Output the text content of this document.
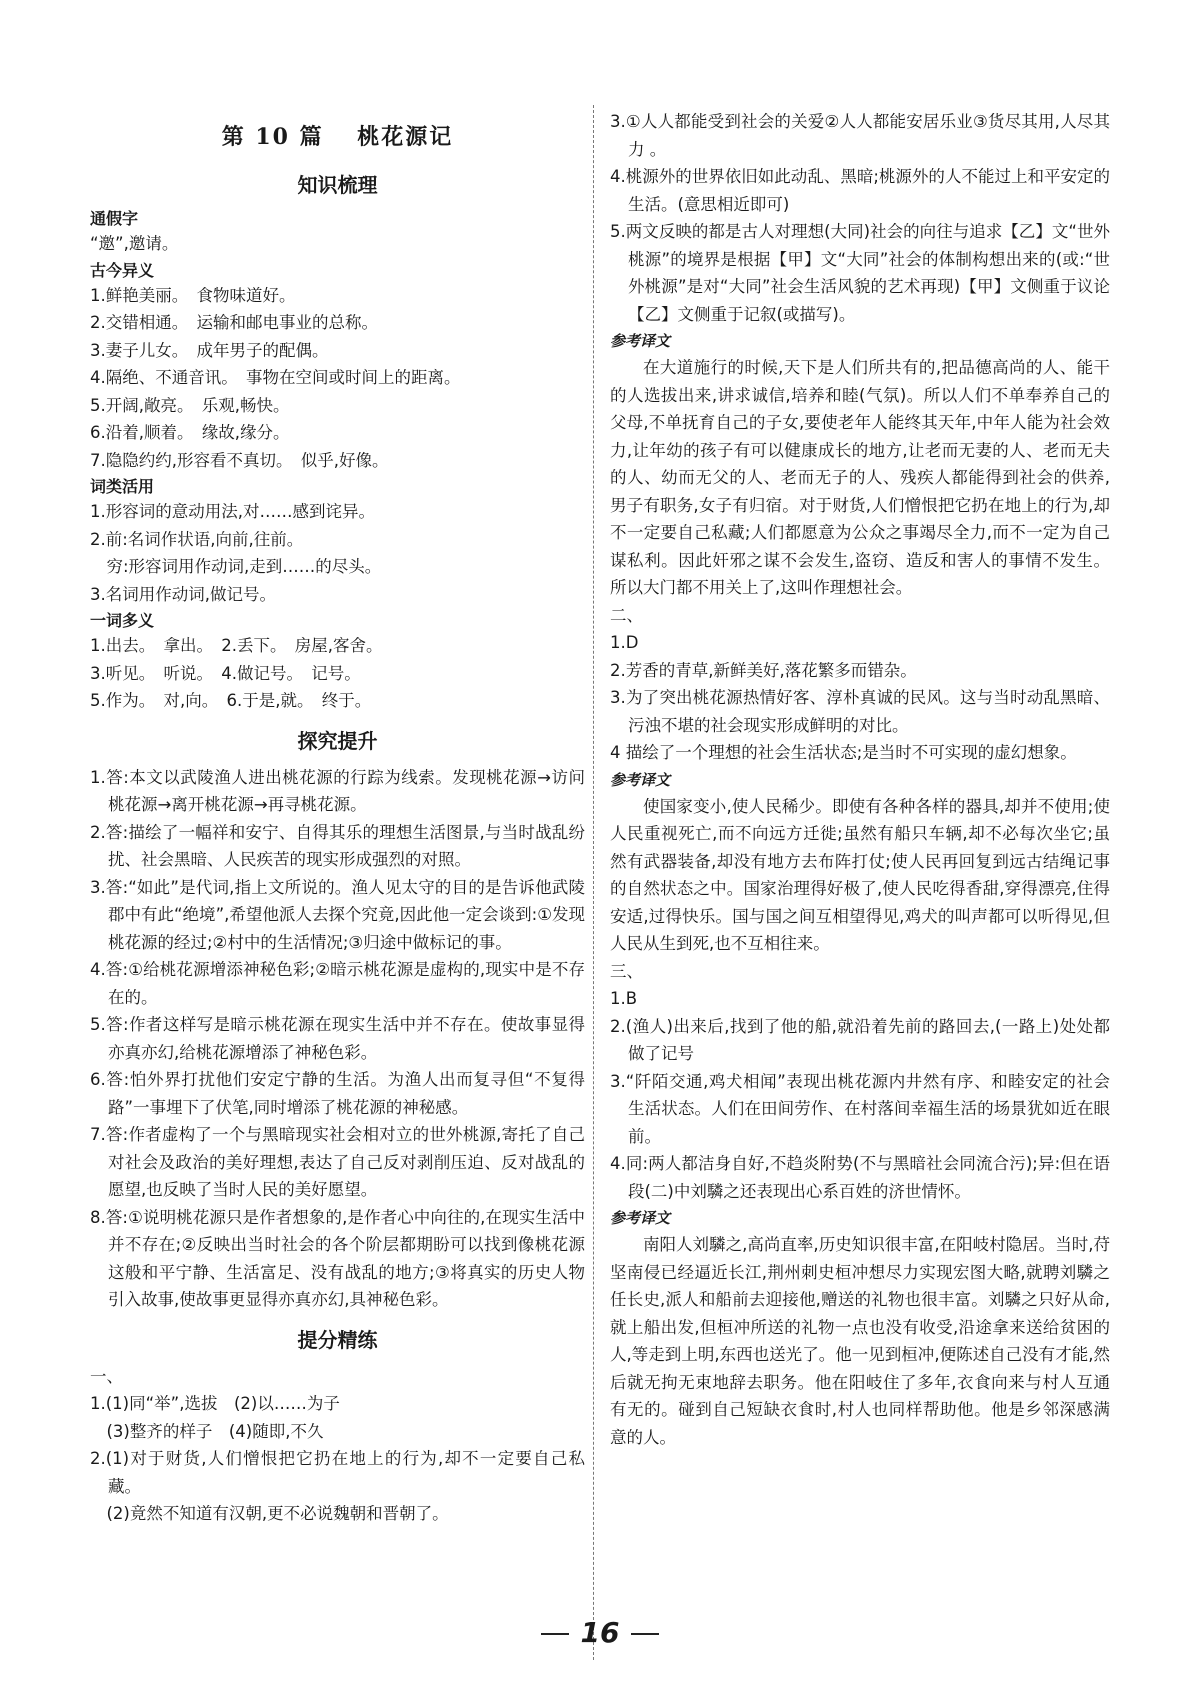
第 10 篇　 桃花源记
知识梳理
通假字
“邀”,邀请。
古今异义
1.鲜艳美丽。　食物味道好。
2.交错相通。　运输和邮电事业的总称。
3.妻子儿女。　成年男子的配偶。
4.隔绝、不通音讯。　事物在空间或时间上的距离。
5.开阔,敞亮。　乐观,畅快。
6.沿着,顺着。　缘故,缘分。
7.隐隐约约,形容看不真切。　似乎,好像。
词类活用
1.形容词的意动用法,对……感到诧异。
2.前:名词作状语,向前,往前。
　穷:形容词用作动词,走到……的尽头。
3.名词用作动词,做记号。
一词多义
1.出去。　拿出。　2.丢下。　房屋,客舍。
3.听见。　听说。　4.做记号。　记号。
5.作为。　对,向。　6.于是,就。　终于。
探究提升

1.答:本文以武陵渔人进出桃花源的行踪为线索。发现桃花源→访问桃花源→离开桃花源→再寻桃花源。

2.答:描绘了一幅祥和安宁、自得其乐的理想生活图景,与当时战乱纷扰、社会黑暗、人民疾苦的现实形成强烈的对照。

3.答:“如此”是代词,指上文所说的。渔人见太守的目的是告诉他武陵郡中有此“绝境”,希望他派人去探个究竟,因此他一定会谈到:①发现桃花源的经过;②村中的生活情况;③归途中做标记的事。

4.答:①给桃花源增添神秘色彩;②暗示桃花源是虚构的,现实中是不存在的。

5.答:作者这样写是暗示桃花源在现实生活中并不存在。使故事显得亦真亦幻,给桃花源增添了神秘色彩。

6.答:怕外界打扰他们安定宁静的生活。为渔人出而复寻但“不复得路”一事埋下了伏笔,同时增添了桃花源的神秘感。

7.答:作者虚构了一个与黑暗现实社会相对立的世外桃源,寄托了自己对社会及政治的美好理想,表达了自己反对剥削压迫、反对战乱的愿望,也反映了当时人民的美好愿望。

8.答:①说明桃花源只是作者想象的,是作者心中向往的,在现实生活中并不存在;②反映出当时社会的各个阶层都期盼可以找到像桃花源这般和平宁静、生活富足、没有战乱的地方;③将真实的历史人物引入故事,使故事更显得亦真亦幻,具神秘色彩。

提分精练
一、

1.(1)同“举”,选拔　(2)以……为子

　(3)整齐的样子　(4)随即,不久

2.(1)对于财货,人们憎恨把它扔在地上的行为,却不一定要自己私藏。

　(2)竟然不知道有汉朝,更不必说魏朝和晋朝了。

3.①人人都能受到社会的关爱②人人都能安居乐业③货尽其用,人尽其力 。

4.桃源外的世界依旧如此动乱、黑暗;桃源外的人不能过上和平安定的生活。(意思相近即可)

5.两文反映的都是古人对理想(大同)社会的向往与追求【乙】文“世外桃源”的境界是根据【甲】文“大同”社会的体制构想出来的(或:“世外桃源”是对“大同”社会生活风貌的艺术再现)【甲】文侧重于议论【乙】文侧重于记叙(或描写)。

参考译文

在大道施行的时候,天下是人们所共有的,把品德高尚的人、能干的人选拔出来,讲求诚信,培养和睦(气氛)。所以人们不单奉养自己的父母,不单抚育自己的子女,要使老年人能终其天年,中年人能为社会效力,让年幼的孩子有可以健康成长的地方,让老而无妻的人、老而无夫的人、幼而无父的人、老而无子的人、残疾人都能得到社会的供养,男子有职务,女子有归宿。对于财货,人们憎恨把它扔在地上的行为,却不一定要自己私藏;人们都愿意为公众之事竭尽全力,而不一定为自己谋私利。因此奸邪之谋不会发生,盗窃、造反和害人的事情不发生。所以大门都不用关上了,这叫作理想社会。

二、

1.D

2.芳香的青草,新鲜美好,落花繁多而错杂。

3.为了突出桃花源热情好客、淳朴真诚的民风。这与当时动乱黑暗、污浊不堪的社会现实形成鲜明的对比。

4 描绘了一个理想的社会生活状态;是当时不可实现的虚幻想象。

参考译文

使国家变小,使人民稀少。即使有各种各样的器具,却并不使用;使人民重视死亡,而不向远方迁徙;虽然有船只车辆,却不必每次坐它;虽然有武器装备,却没有地方去布阵打仗;使人民再回复到远古结绳记事的自然状态之中。国家治理得好极了,使人民吃得香甜,穿得漂亮,住得安适,过得快乐。国与国之间互相望得见,鸡犬的叫声都可以听得见,但人民从生到死,也不互相往来。

三、

1.B

2.(渔人)出来后,找到了他的船,就沿着先前的路回去,(一路上)处处都做了记号

3.“阡陌交通,鸡犬相闻”表现出桃花源内井然有序、和睦安定的社会生活状态。人们在田间劳作、在村落间幸福生活的场景犹如近在眼前。

4.同:两人都洁身自好,不趋炎附势(不与黑暗社会同流合污);异:但在语段(二)中刘驎之还表现出心系百姓的济世情怀。

参考译文

南阳人刘驎之,高尚直率,历史知识很丰富,在阳岐村隐居。当时,苻坚南侵已经逼近长江,荆州刺史桓冲想尽力实现宏图大略,就聘刘驎之任长史,派人和船前去迎接他,赠送的礼物也很丰富。刘驎之只好从命,就上船出发,但桓冲所送的礼物一点也没有收受,沿途拿来送给贫困的人,等走到上明,东西也送光了。他一见到桓冲,便陈述自己没有才能,然后就无拘无束地辞去职务。他在阳岐住了多年,衣食向来与村人互通有无的。碰到自己短缺衣食时,村人也同样帮助他。他是乡邻深感满意的人。

16
